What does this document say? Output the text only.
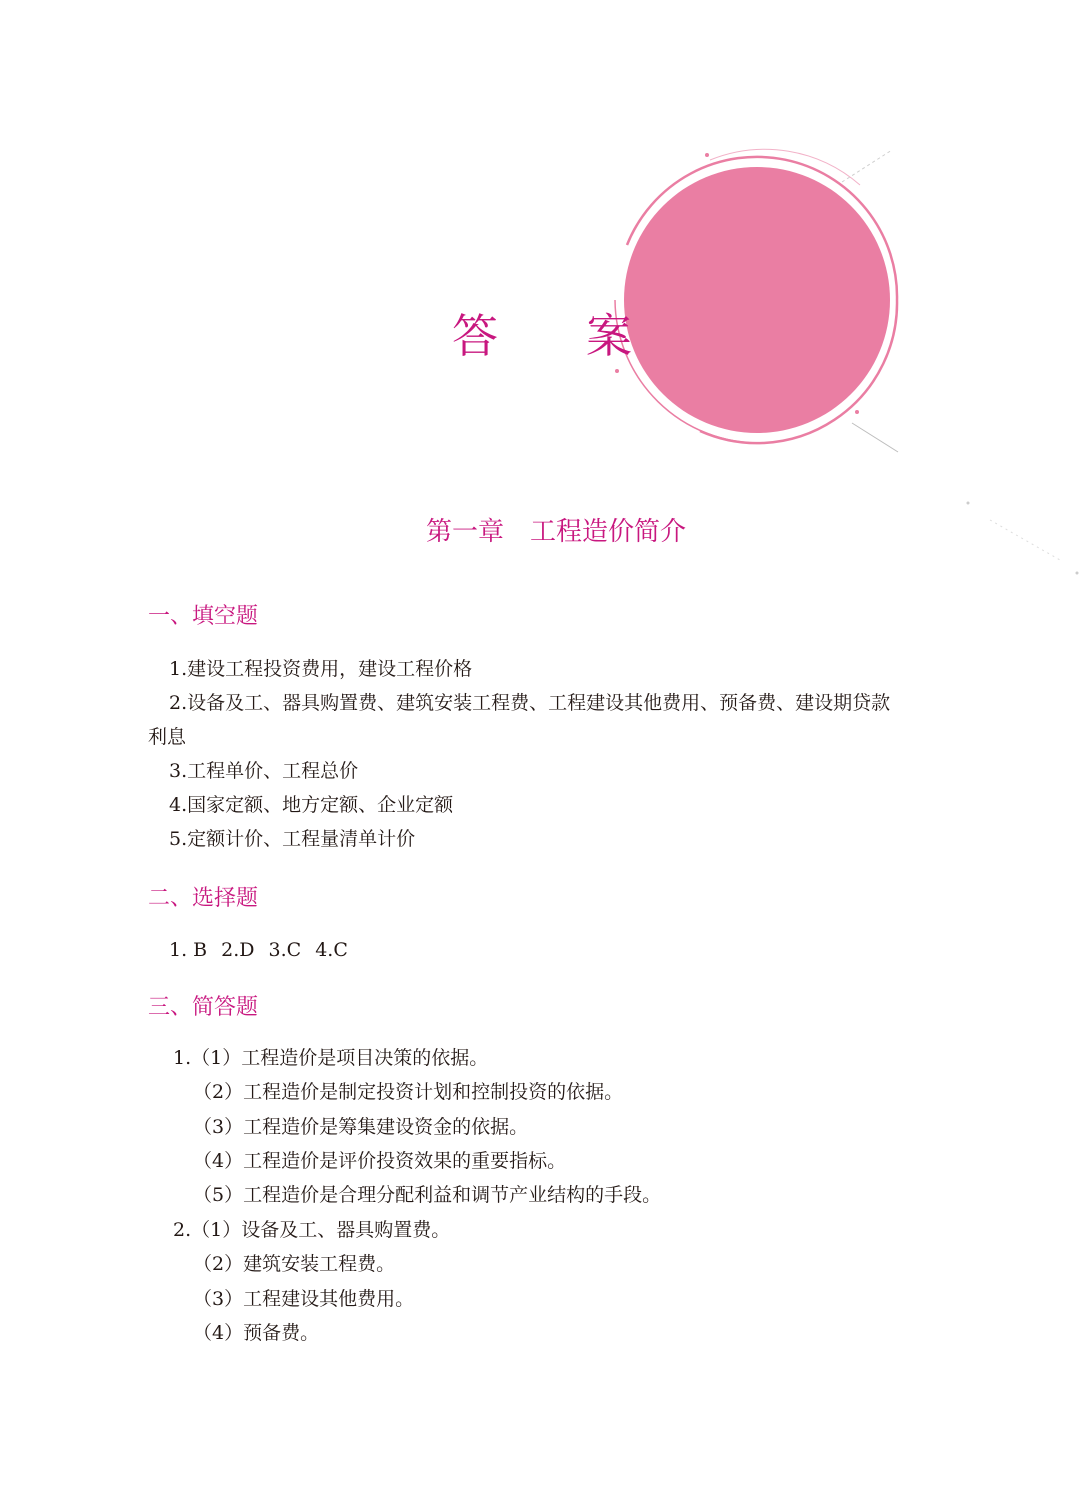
答 案
第一章 工程造价简介
一、填空题

1.建设工程投资费用，建设工程价格

2.设备及工、器具购置费、建筑安装工程费、工程建设其他费用、预备费、建设期贷款

利息

3.工程单价、工程总价

4.国家定额、地方定额、企业定额

5.定额计价、工程量清单计价

二、选择题

1. B 2.D 3.C 4.C

三、简答题

1.（1）工程造价是项目决策的依据。

（2）工程造价是制定投资计划和控制投资的依据。

（3）工程造价是筹集建设资金的依据。

（4）工程造价是评价投资效果的重要指标。

（5）工程造价是合理分配利益和调节产业结构的手段。

2.（1）设备及工、器具购置费。

（2）建筑安装工程费。

（3）工程建设其他费用。

（4）预备费。
